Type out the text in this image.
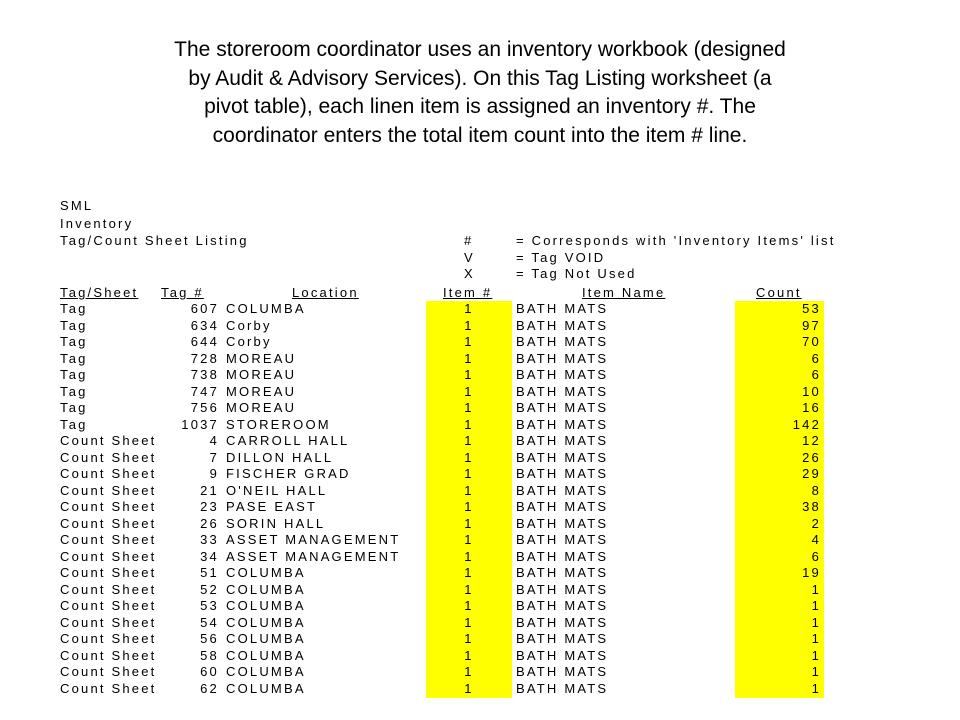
The storeroom coordinator uses an inventory workbook (designed
by Audit & Advisory Services). On this Tag Listing worksheet (a
pivot table), each linen item is assigned an inventory #. The
coordinator enters the total item count into the item # line.
SML
Inventory
Tag/Count Sheet Listing	#	= Corresponds with 'Inventory Items' list
V	= Tag VOID
X	= Tag Not Used
Tag/Sheet Tag #	Location	Item #	Item Name	Count
Tag	607 COLUMBA	1	BATH MATS	53
Tag	634 Corby	1	BATH MATS	97
Tag	644 Corby	1	BATH MATS	70
Tag	728 MOREAU	1	BATH MATS	6
Tag	738 MOREAU	1	BATH MATS	6
Tag	747 MOREAU	1	BATH MATS	10
Tag	756 MOREAU	1	BATH MATS	16
Tag	1037 STOREROOM	1	BATH MATS	142
Count Sheet	4 CARROLL HALL	1	BATH MATS	12
Count Sheet	7 DILLON HALL	1	BATH MATS	26
Count Sheet	9 FISCHER GRAD	1	BATH MATS	29
Count Sheet	21 O'NEIL HALL	1	BATH MATS	8
Count Sheet	23 PASE EAST	1	BATH MATS	38
Count Sheet	26 SORIN HALL	1	BATH MATS	2
Count Sheet	33 ASSET MANAGEMENT	1	BATH MATS	4
Count Sheet	34 ASSET MANAGEMENT	1	BATH MATS	6
Count Sheet	51 COLUMBA	1	BATH MATS	19
Count Sheet	52 COLUMBA	1	BATH MATS	1
Count Sheet	53 COLUMBA	1	BATH MATS	1
Count Sheet	54 COLUMBA	1	BATH MATS	1
Count Sheet	56 COLUMBA	1	BATH MATS	1
Count Sheet	58 COLUMBA	1	BATH MATS	1
Count Sheet	60 COLUMBA	1	BATH MATS	1
Count Sheet	62 COLUMBA	1	BATH MATS	1
